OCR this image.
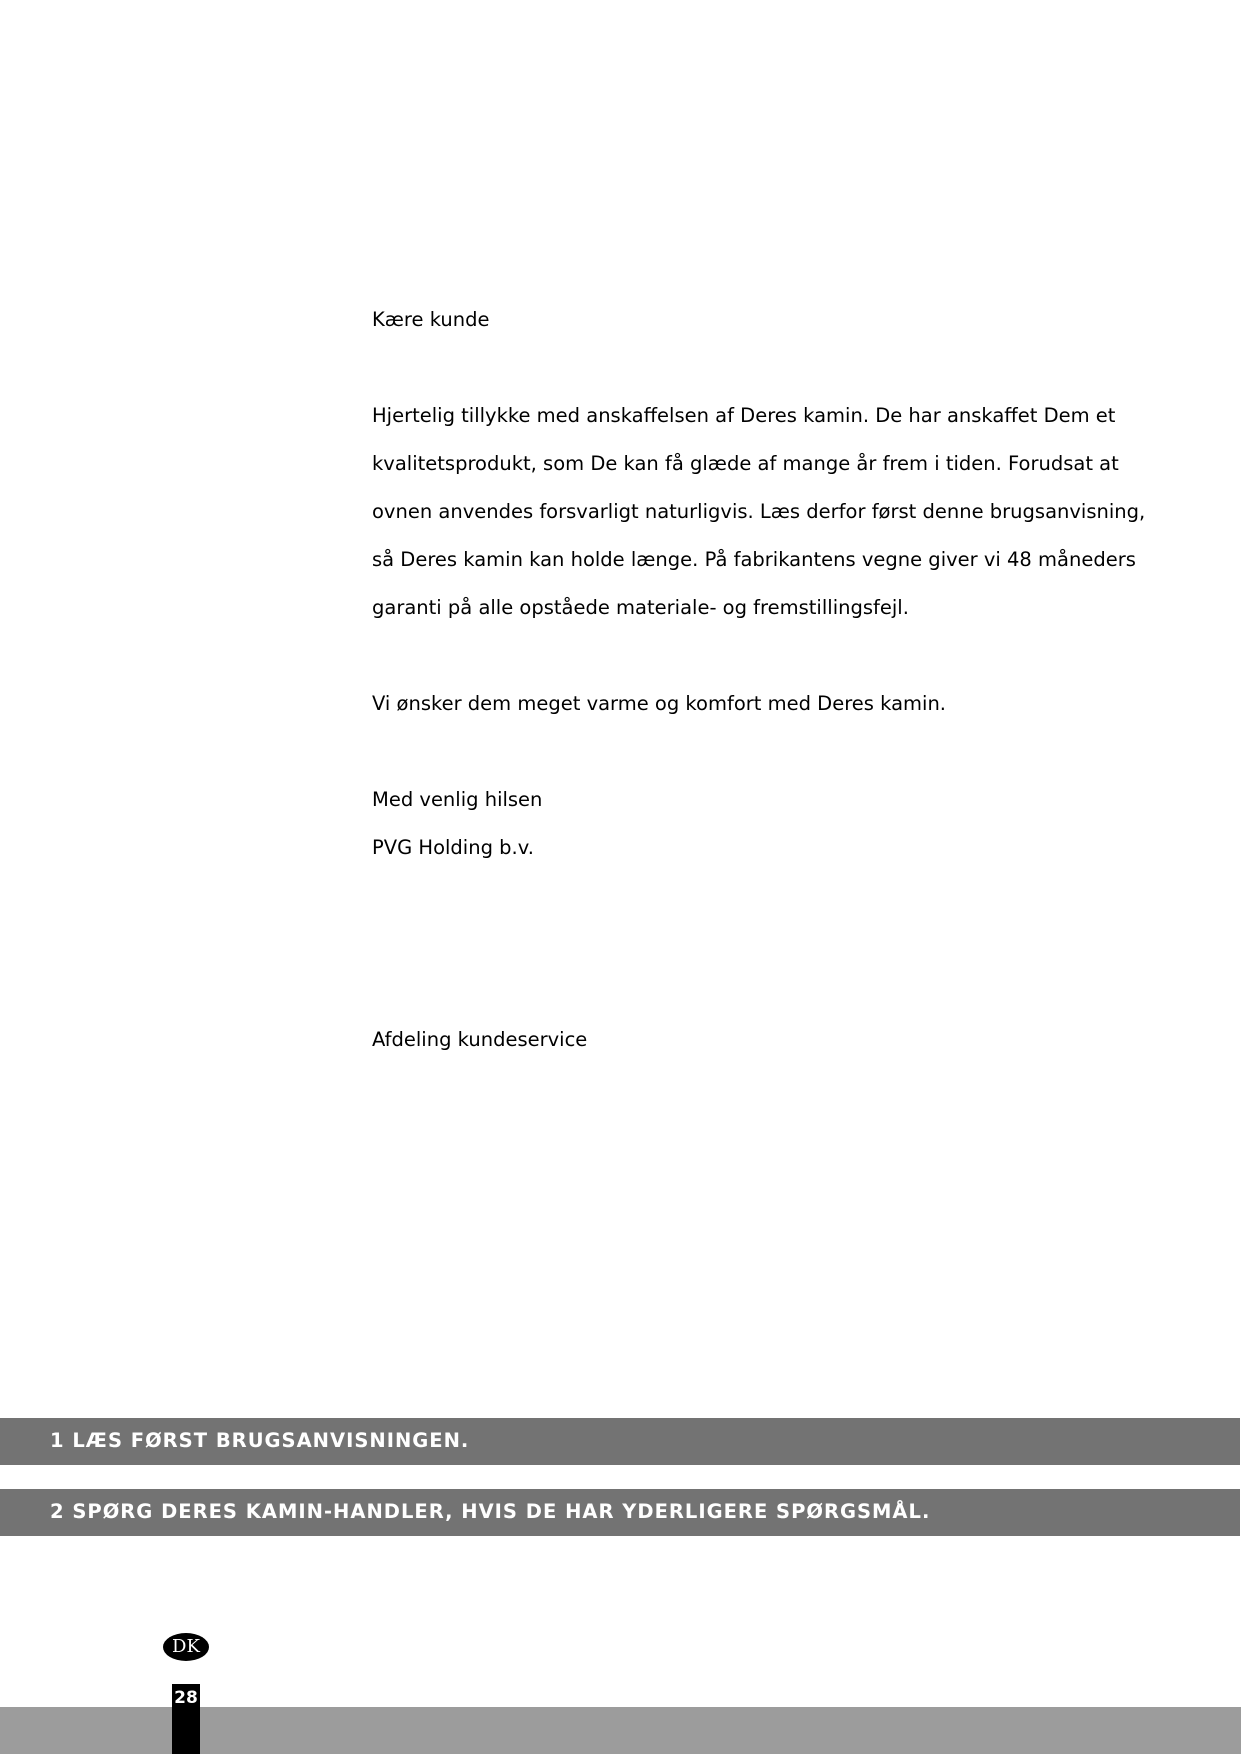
Kære kunde
Hjertelig tillykke med anskaffelsen af Deres kamin. De har anskaffet Dem et
kvalitetsprodukt, som De kan få glæde af mange år frem i tiden. Forudsat at
ovnen anvendes forsvarligt naturligvis. Læs derfor først denne brugsanvisning,
så Deres kamin kan holde længe. På fabrikantens vegne giver vi 48 måneders
garanti på alle opståede materiale- og fremstillingsfejl.
Vi ønsker dem meget varme og komfort med Deres kamin.
Med venlig hilsen
PVG Holding b.v.
Afdeling kundeservice
1 LÆS FØRST BRUGSANVISNINGEN.
2 SPØRG DERES KAMIN-HANDLER, HVIS DE HAR YDERLIGERE SPØRGSMÅL.
DK
28
